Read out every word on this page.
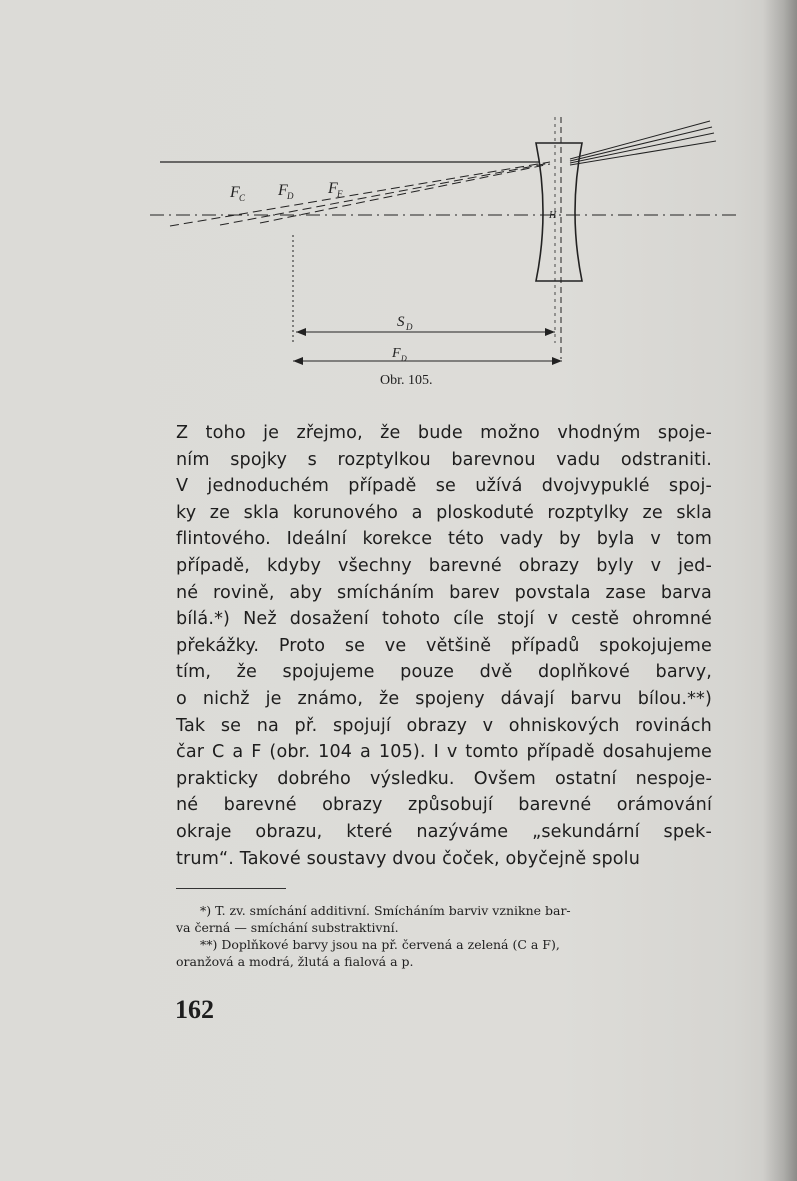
F C F D F F
H
S D
F D
Obr. 105.
Z toho je zřejmo, že bude možno vhodným spoje-
ním spojky s rozptylkou barevnou vadu odstraniti.
V jednoduchém případě se užívá dvojvypuklé spoj-
ky ze skla korunového a ploskoduté rozptylky ze skla
flintového. Ideální korekce této vady by byla v tom
případě, kdyby všechny barevné obrazy byly v jed-
né rovině, aby smícháním barev povstala zase barva
bílá.*) Než dosažení tohoto cíle stojí v cestě ohromné
překážky. Proto se ve většině případů spokojujeme
tím, že spojujeme pouze dvě doplňkové barvy,
o nichž je známo, že spojeny dávají barvu bílou.**)
Tak se na př. spojují obrazy v ohniskových rovinách
čar C a F (obr. 104 a 105). I v tomto případě dosahujeme
prakticky dobrého výsledku. Ovšem ostatní nespoje-
né barevné obrazy způsobují barevné orámování
okraje obrazu, které nazýváme „sekundární spek-
trum“. Takové soustavy dvou čoček, obyčejně spolu
*) T. zv. smíchání additivní. Smícháním barviv vznikne bar-
va černá — smíchání substraktivní.
**) Doplňkové barvy jsou na př. červená a zelená (C a F),
oranžová a modrá, žlutá a fialová a p.
162
